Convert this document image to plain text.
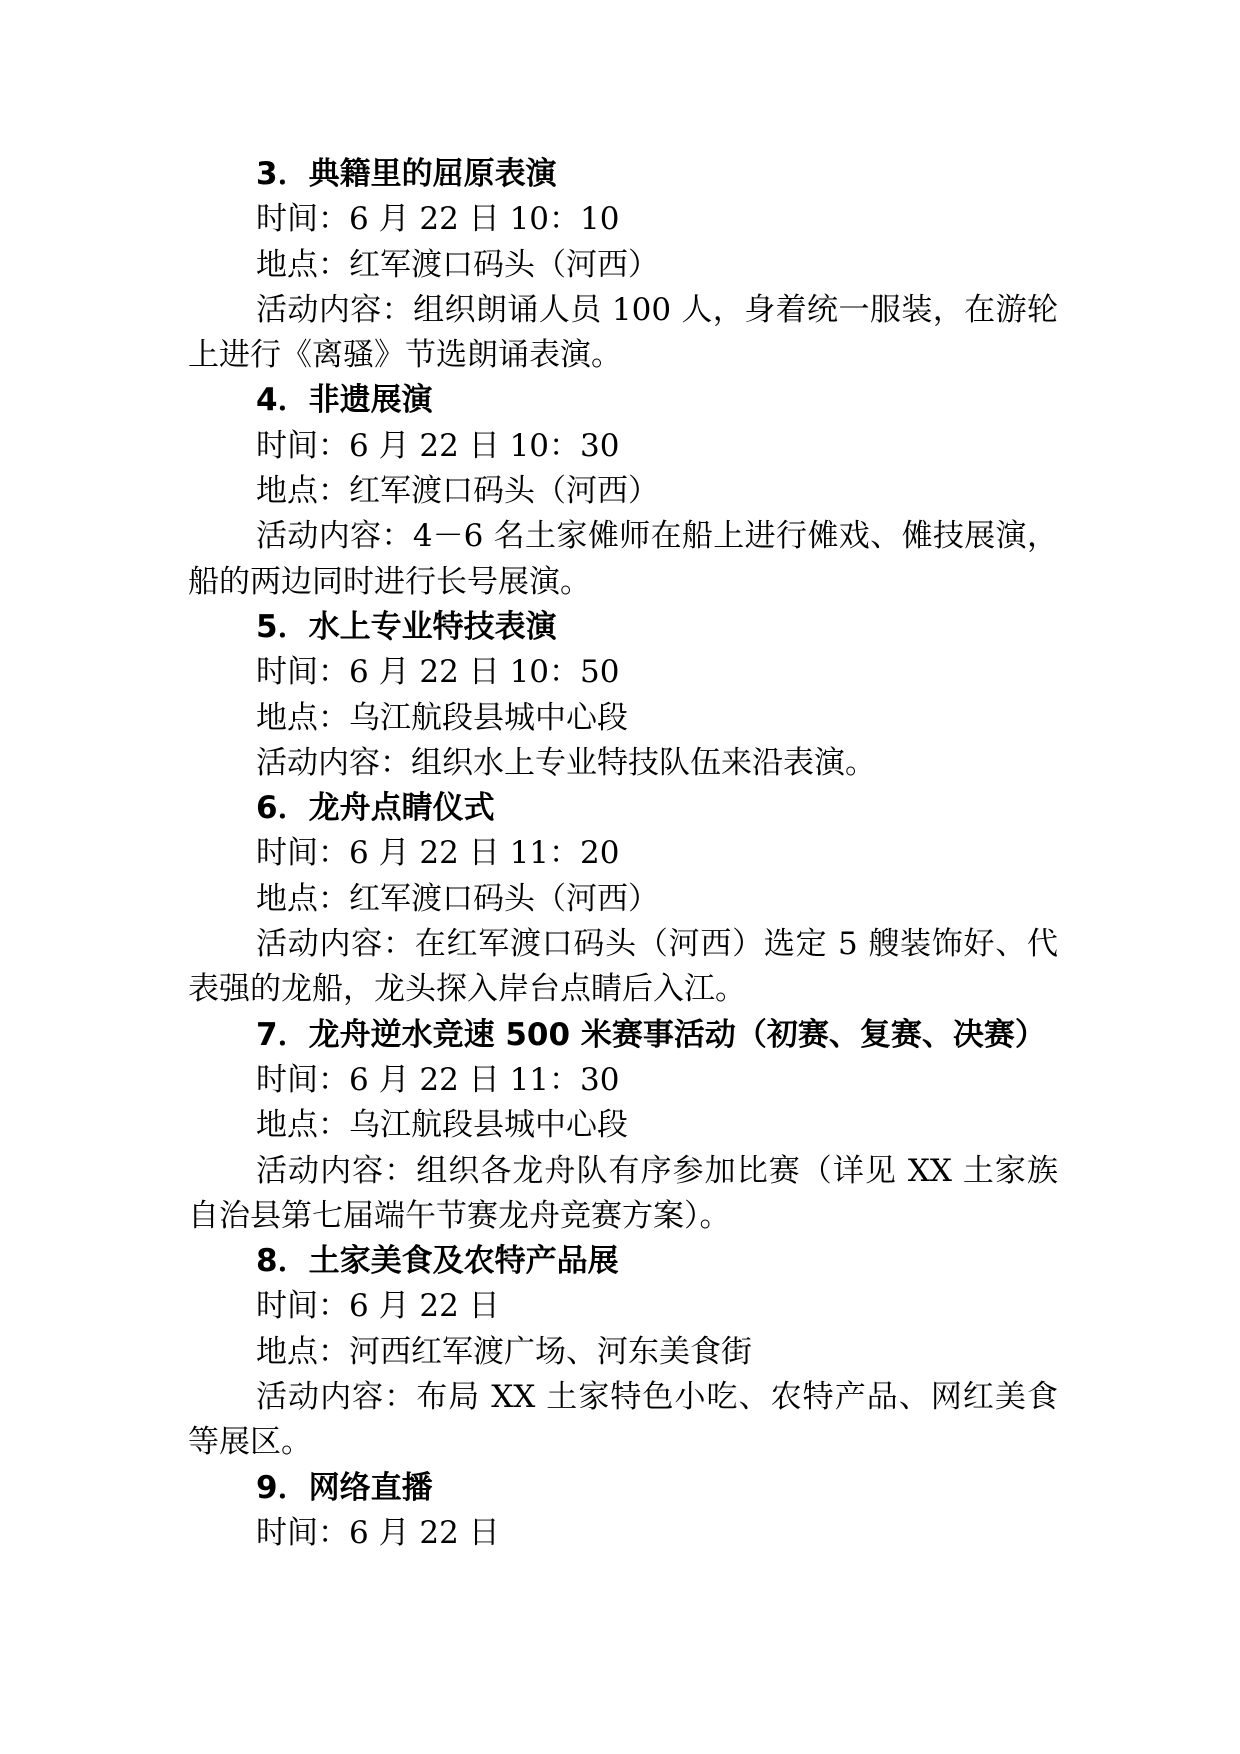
3．典籍里的屈原表演

时间：6 月 22 日 10：10

地点：红军渡口码头（河西）

活动内容：组织朗诵人员 100 人，身着统一服装，在游轮上进行《离骚》节选朗诵表演。

4．非遗展演

时间：6 月 22 日 10：30

地点：红军渡口码头（河西）

活动内容：4－6 名土家傩师在船上进行傩戏、傩技展演，船的两边同时进行长号展演。

5．水上专业特技表演

时间：6 月 22 日 10：50

地点：乌江航段县城中心段

活动内容：组织水上专业特技队伍来沿表演。

6．龙舟点睛仪式

时间：6 月 22 日 11：20

地点：红军渡口码头（河西）

活动内容：在红军渡口码头（河西）选定 5 艘装饰好、代表强的龙船，龙头探入岸台点睛后入江。

7．龙舟逆水竞速 500 米赛事活动（初赛、复赛、决赛）

时间：6 月 22 日 11：30

地点：乌江航段县城中心段

活动内容：组织各龙舟队有序参加比赛（详见 XX 土家族自治县第七届端午节赛龙舟竞赛方案）。

8．土家美食及农特产品展

时间：6 月 22 日

地点：河西红军渡广场、河东美食街

活动内容：布局 XX 土家特色小吃、农特产品、网红美食等展区。

9．网络直播

时间：6 月 22 日
